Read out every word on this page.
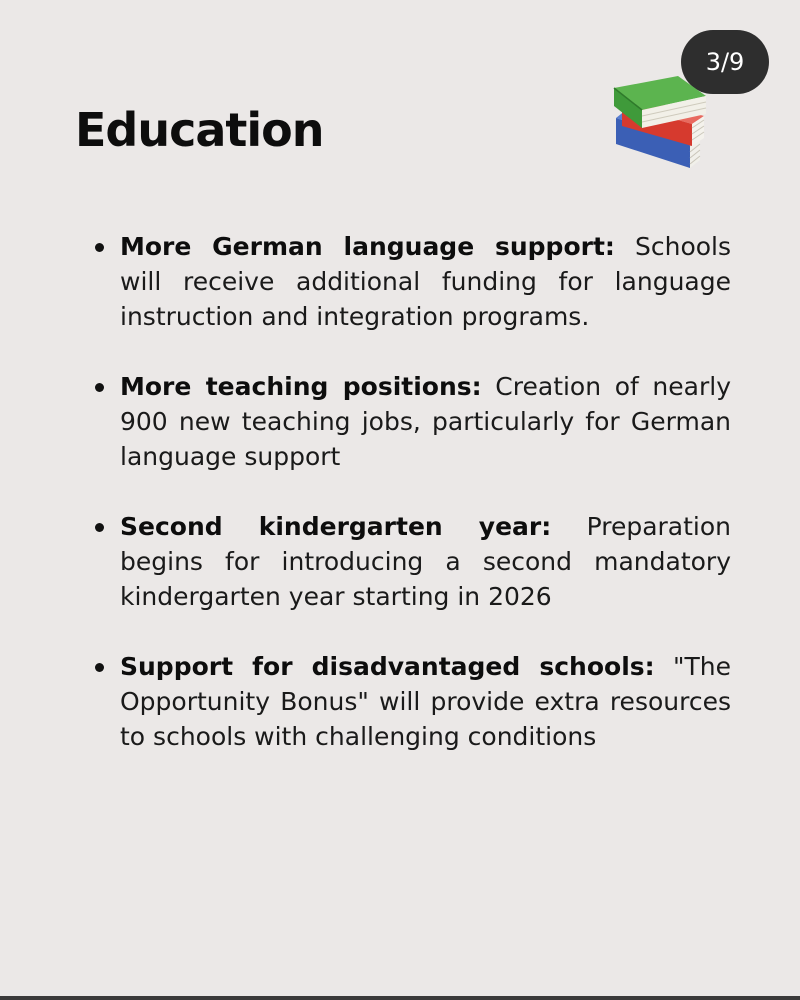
3/9
Education
More German language support: Schools will receive additional funding for language instruction and integration programs.
More teaching positions: Creation of nearly 900 new teaching jobs, particularly for German language support
Second kindergarten year: Preparation begins for introducing a second mandatory kindergarten year starting in 2026
Support for disadvantaged schools: "The Opportunity Bonus" will provide extra resources to schools with challenging conditions
